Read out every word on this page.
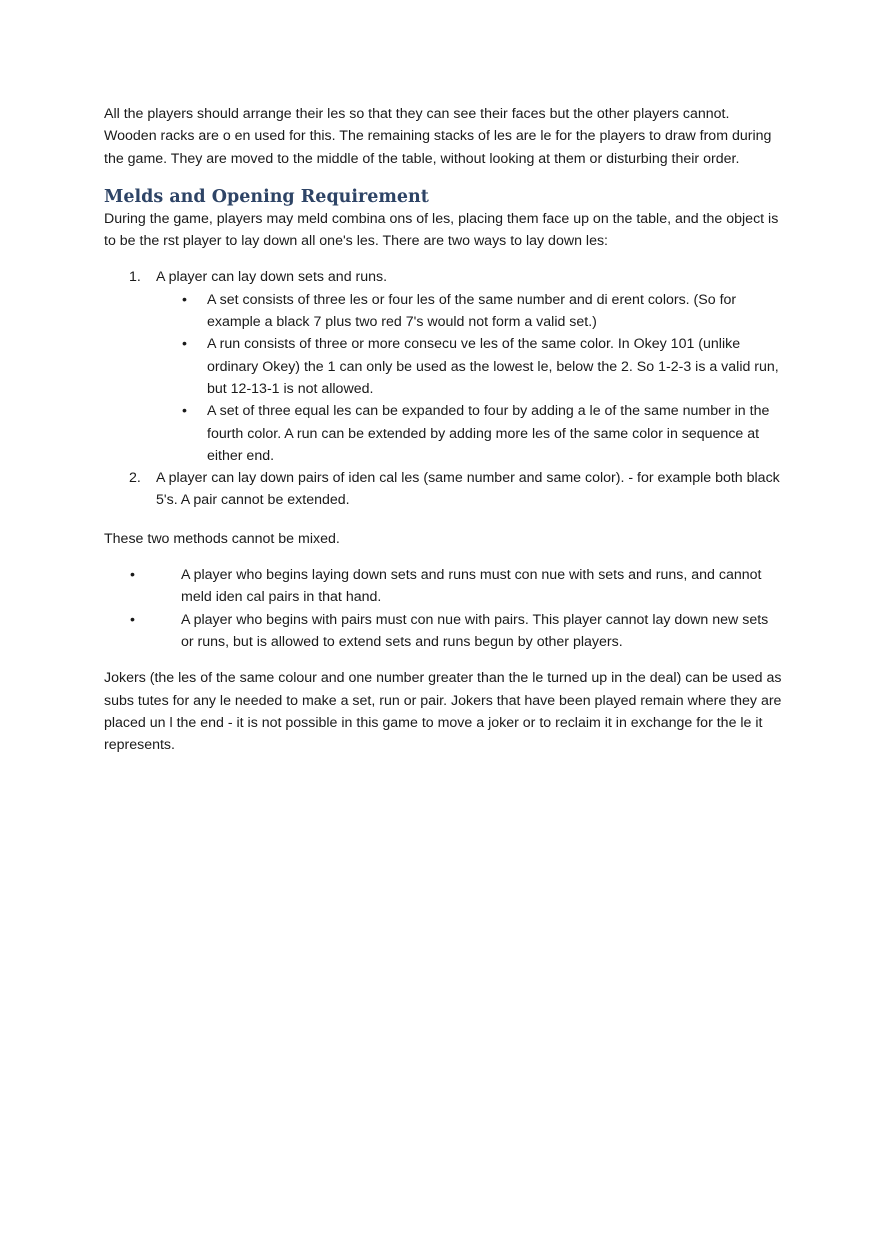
All the players should arrange their les so that they can see their faces but the other players cannot. Wooden racks are o en used for this. The remaining stacks of les are le for the players to draw from during the game. They are moved to the middle of the table, without looking at them or disturbing their order.

Melds and Opening Requirement

During the game, players may meld combina ons of les, placing them face up on the table, and the object is to be the rst player to lay down all one's les. There are two ways to lay down les:

1. A player can lay down sets and runs.
• A set consists of three les or four les of the same number and di erent colors. (So for example a black 7 plus two red 7's would not form a valid set.)
• A run consists of three or more consecu ve les of the same color. In Okey 101 (unlike ordinary Okey) the 1 can only be used as the lowest le, below the 2. So 1-2-3 is a valid run, but 12-13-1 is not allowed.
• A set of three equal les can be expanded to four by adding a le of the same number in the fourth color. A run can be extended by adding more les of the same color in sequence at either end.
2. A player can lay down pairs of iden cal les (same number and same color). - for example both black 5's. A pair cannot be extended.

These two methods cannot be mixed.

•	A player who begins laying down sets and runs must con nue with sets and runs, and cannot meld iden cal pairs in that hand.
•	A player who begins with pairs must con nue with pairs. This player cannot lay down new sets or runs, but is allowed to extend sets and runs begun by other players.

Jokers (the les of the same colour and one number greater than the le turned up in the deal) can be used as subs tutes for any le needed to make a set, run or pair. Jokers that have been played remain where they are placed un l the end - it is not possible in this game to move a joker or to reclaim it in exchange for the le it represents.
